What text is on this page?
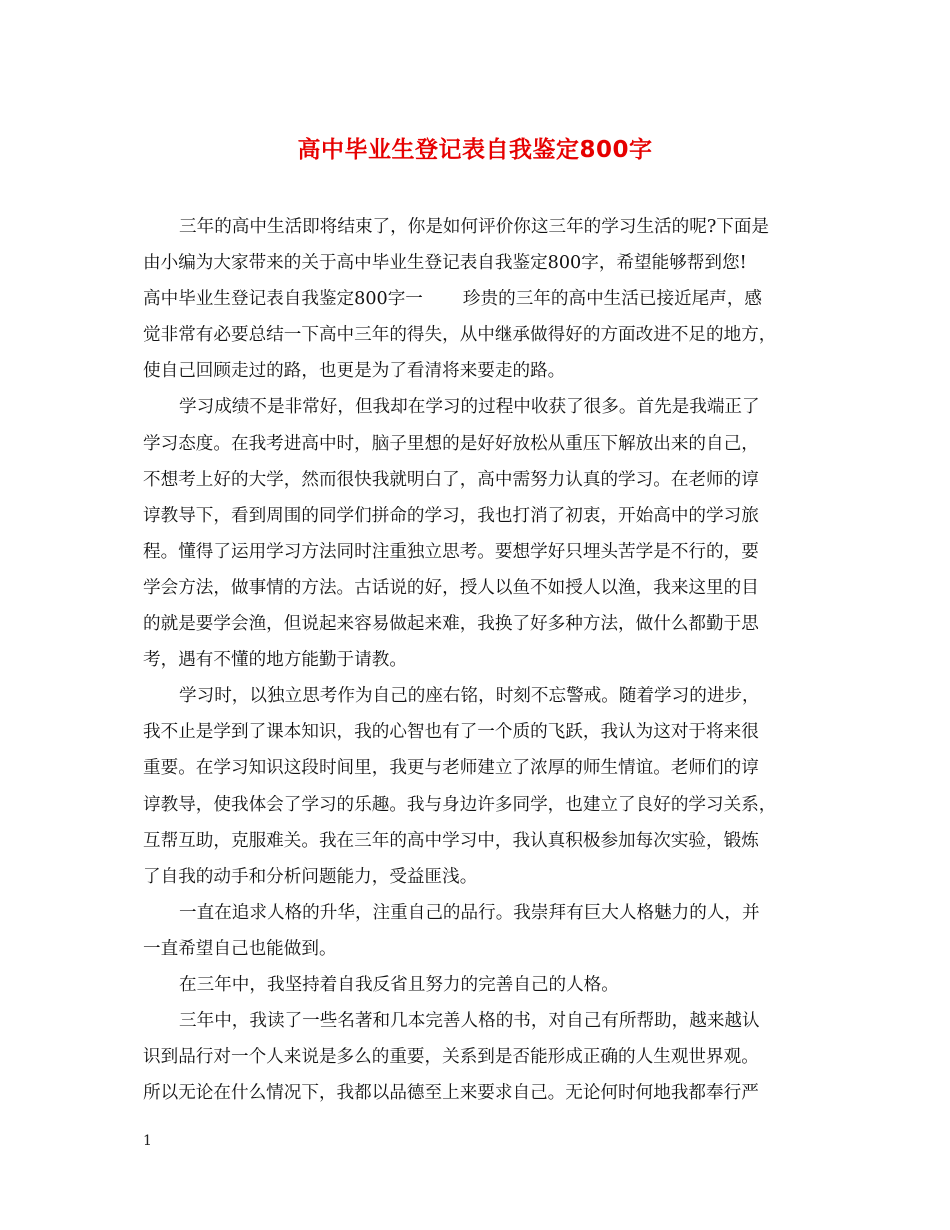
高中毕业生登记表自我鉴定800字
三年的高中生活即将结束了，你是如何评价你这三年的学习生活的呢?下面是
由小编为大家带来的关于高中毕业生登记表自我鉴定800字，希望能够帮到您!
高中毕业生登记表自我鉴定800字一 珍贵的三年的高中生活已接近尾声，感
觉非常有必要总结一下高中三年的得失，从中继承做得好的方面改进不足的地方，
使自己回顾走过的路，也更是为了看清将来要走的路。
学习成绩不是非常好，但我却在学习的过程中收获了很多。首先是我端正了
学习态度。在我考进高中时，脑子里想的是好好放松从重压下解放出来的自己，
不想考上好的大学，然而很快我就明白了，高中需努力认真的学习。在老师的谆
谆教导下，看到周围的同学们拼命的学习，我也打消了初衷，开始高中的学习旅
程。懂得了运用学习方法同时注重独立思考。要想学好只埋头苦学是不行的，要
学会方法，做事情的方法。古话说的好，授人以鱼不如授人以渔，我来这里的目
的就是要学会渔，但说起来容易做起来难，我换了好多种方法，做什么都勤于思
考，遇有不懂的地方能勤于请教。
学习时，以独立思考作为自己的座右铭，时刻不忘警戒。随着学习的进步，
我不止是学到了课本知识，我的心智也有了一个质的飞跃，我认为这对于将来很
重要。在学习知识这段时间里，我更与老师建立了浓厚的师生情谊。老师们的谆
谆教导，使我体会了学习的乐趣。我与身边许多同学，也建立了良好的学习关系，
互帮互助，克服难关。我在三年的高中学习中，我认真积极参加每次实验，锻炼
了自我的动手和分析问题能力，受益匪浅。
一直在追求人格的升华，注重自己的品行。我崇拜有巨大人格魅力的人，并
一直希望自己也能做到。
在三年中，我坚持着自我反省且努力的完善自己的人格。
三年中，我读了一些名著和几本完善人格的书，对自己有所帮助，越来越认
识到品行对一个人来说是多么的重要，关系到是否能形成正确的人生观世界观。
所以无论在什么情况下，我都以品德至上来要求自己。无论何时何地我都奉行严
1
